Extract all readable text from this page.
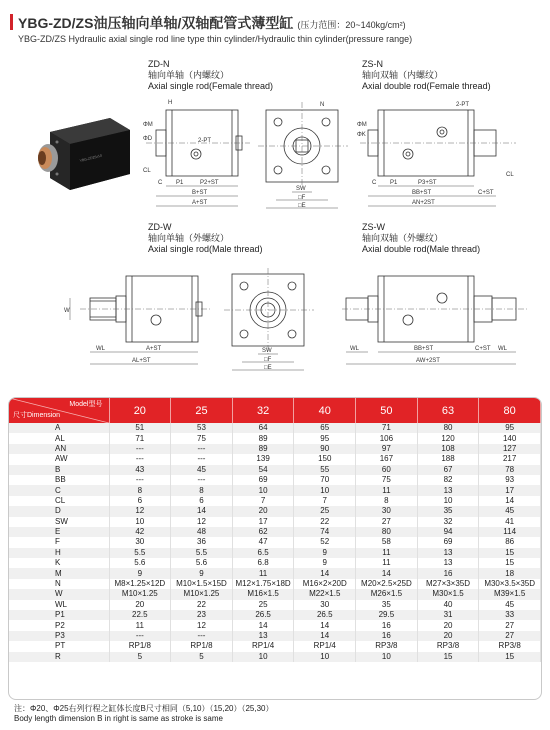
YBG-ZD/ZS油压轴向单轴/双轴配管式薄型缸 (压力范围：20~140kg/cm²)
YBG-ZD/ZS Hydraulic axial single rod line type thin cylinder/Hydraulic thin cylinder(pressure range)
YBG-ZD25x10
ZD-N
轴向单轴（内螺纹）
Axial single rod(Female thread)
ZS-N
轴向双轴（内螺纹）
Axial double rod(Female thread)
ZD-W
轴向单轴（外螺纹）
Axial single rod(Male thread)
ZS-W
轴向双轴（外螺纹）
Axial double rod(Male thread)
H
ΦM
ΦD	2-PT
CL
C P1	P2+ST
B+ST
A+ST
N
SW
□F
□E
2-PT
ΦM
ΦK
CL
C P1	P3+ST
BB+ST	C+ST
AN+2ST
W
WL	A+ST
AL+ST
SW
□F
□E
WL	BB+ST	C+ST WL
AW+2ST
Model型号
尺寸Dimension	20	25	32	40	50	63	80
A	51	53	64	65	71	80	95
AL	71	75	89	95	106	120	140
AN	---	---	89	90	97	108	127
AW	---	---	139	150	167	188	217
B	43	45	54	55	60	67	78
BB	---	---	69	70	75	82	93
C	8	8	10	10	11	13	17
CL	6	6	7	7	8	10	14
D	12	14	20	25	30	35	45
SW	10	12	17	22	27	32	41
E	42	48	62	74	80	94	114
F	30	36	47	52	58	69	86
H	5.5	5.5	6.5	9	11	13	15
K	5.6	5.6	6.8	9	11	13	15
M	9	9	11	14	14	16	18
N	M8×1.25×12D	M10×1.5×15D	M12×1.75×18D	M16×2×20D	M20×2.5×25D	M27×3×35D	M30×3.5×35D
W	M10×1.25	M10×1.25	M16×1.5	M22×1.5	M26×1.5	M30×1.5	M39×1.5
WL	20	22	25	30	35	40	45
P1	22.5	23	26.5	26.5	29.5	31	33
P2	11	12	14	14	16	20	27
P3	---	---	13	14	16	20	27
PT	RP1/8	RP1/8	RP1/4	RP1/4	RP3/8	RP3/8	RP3/8
R	5	5	10	10	10	15	15
注：Φ20、Φ25右列行程之缸体长度B尺寸相同（5,10）（15,20）（25,30）
Body length dimension B in right is same as stroke is same
